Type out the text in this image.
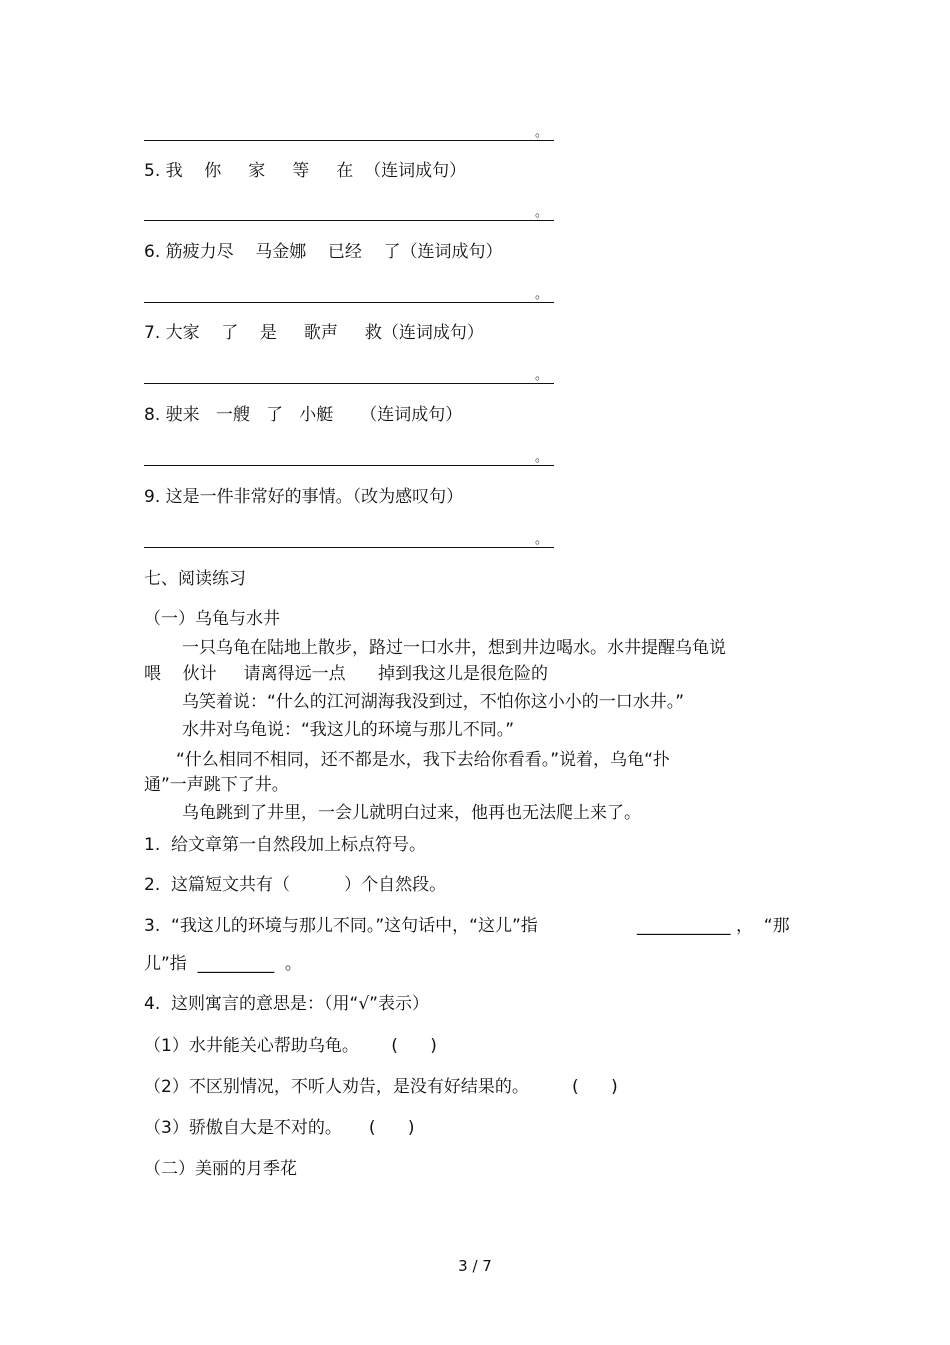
。
5. 我    你     家     等     在  （连词成句）
。
6. 筋疲力尽    马金娜    已经    了（连词成句）
。
7. 大家    了    是     歌声     救（连词成句）
。
8. 驶来   一艘   了   小艇     （连词成句）
。
9. 这是一件非常好的事情。（改为感叹句）
。
七、阅读练习
（一）乌龟与水井
一只乌龟在陆地上散步，路过一口水井，想到井边喝水。水井提醒乌龟说
喂    伙计     请离得远一点      掉到我这儿是很危险的
乌笑着说：“什么的江河湖海我没到过，不怕你这小小的一口水井。”
水井对乌龟说：“我这儿的环境与那儿不同。”
“什么相同不相同，还不都是水，我下去给你看看。”说着，乌龟“扑
通”一声跳下了井。
乌龟跳到了井里，一会儿就明白过来，他再也无法爬上来了。
1.  给文章第一自然段加上标点符号。
2.  这篇短文共有（          ）个自然段。
3.  “我这儿的环境与那儿不同。”这句话中，“这儿”指	___________ ，  “那
儿”指  _________  。
4.  这则寓言的意思是：（用“√”表示）
（1）水井能关心帮助乌龟。      (      )
（2）不区别情况，不听人劝告，是没有好结果的。        (      )
（3）骄傲自大是不对的。     (      )
（二）美丽的月季花
3 / 7
